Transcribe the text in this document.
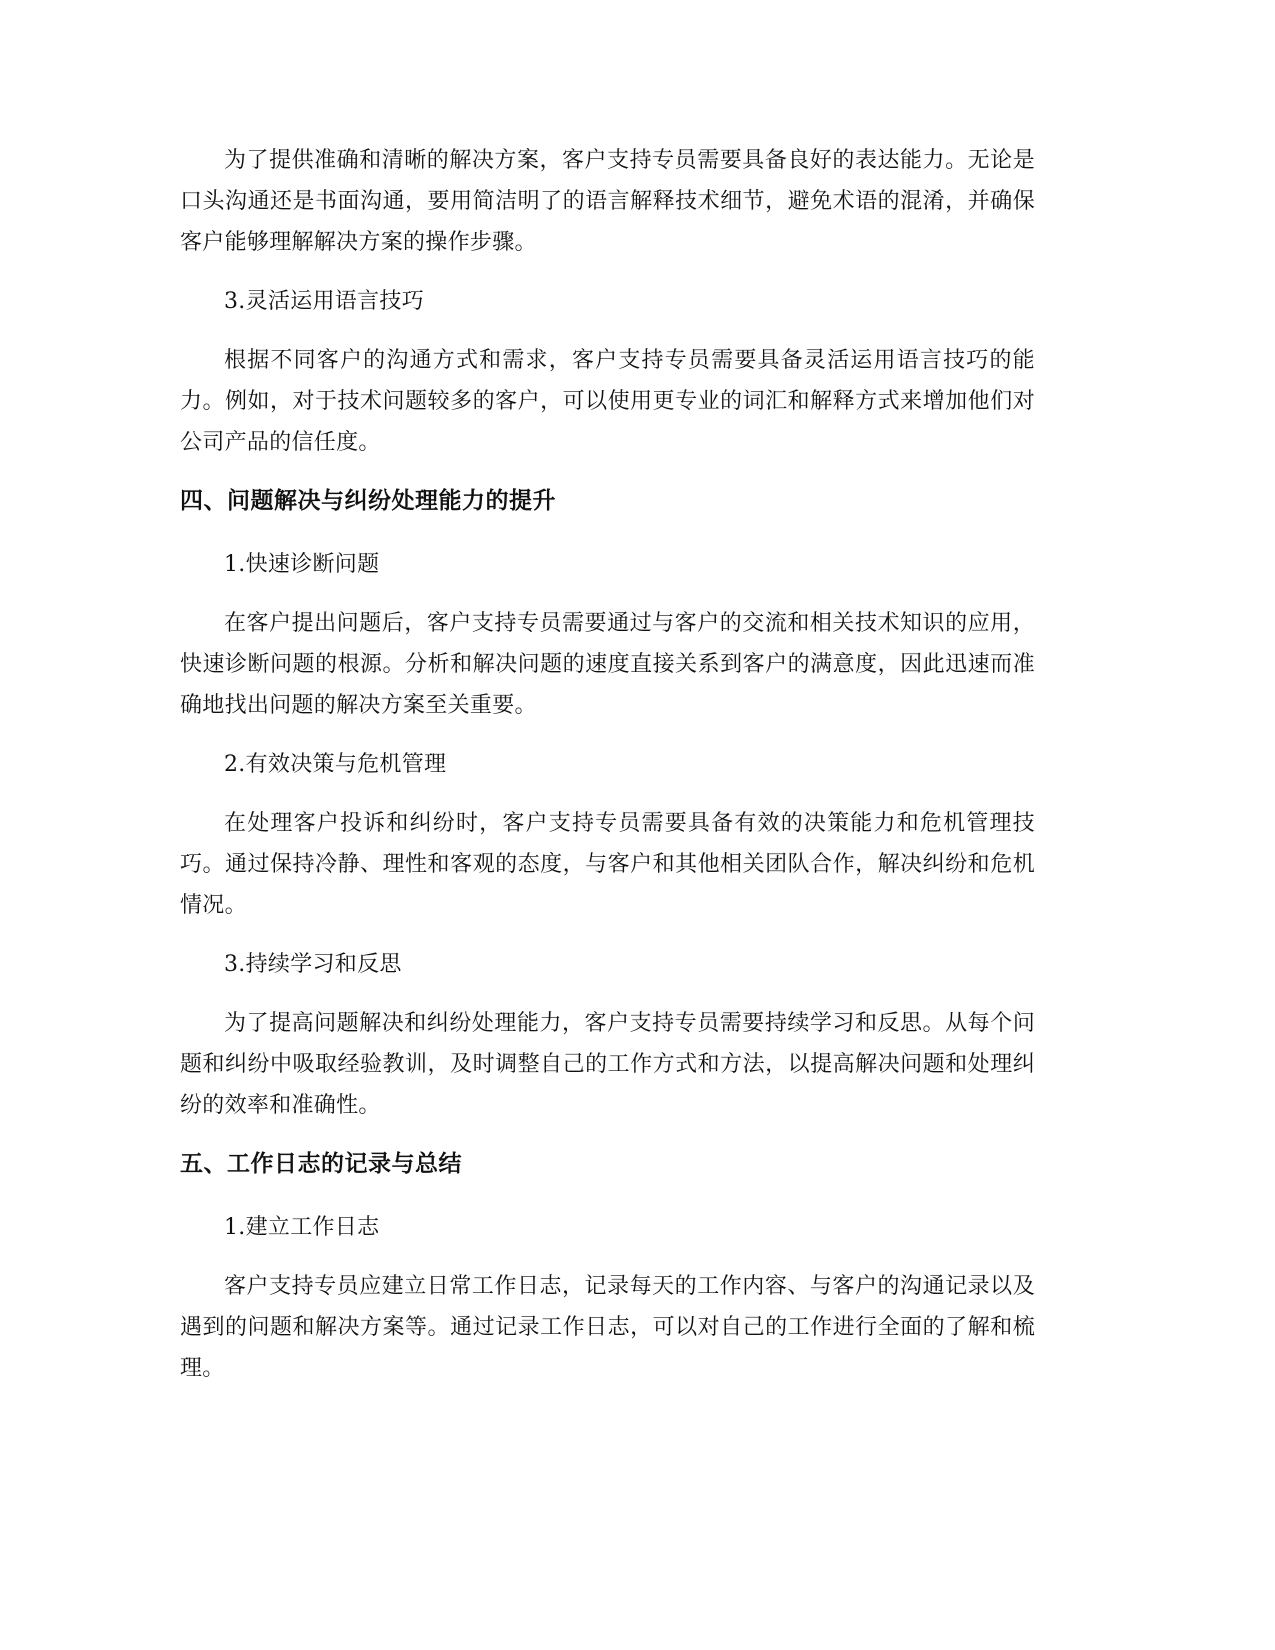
为了提供准确和清晰的解决方案，客户支持专员需要具备良好的表达能力。无论是口头沟通还是书面沟通，要用简洁明了的语言解释技术细节，避免术语的混淆，并确保客户能够理解解决方案的操作步骤。

3.灵活运用语言技巧

根据不同客户的沟通方式和需求，客户支持专员需要具备灵活运用语言技巧的能力。例如，对于技术问题较多的客户，可以使用更专业的词汇和解释方式来增加他们对公司产品的信任度。

四、问题解决与纠纷处理能力的提升

1.快速诊断问题

在客户提出问题后，客户支持专员需要通过与客户的交流和相关技术知识的应用，快速诊断问题的根源。分析和解决问题的速度直接关系到客户的满意度，因此迅速而准确地找出问题的解决方案至关重要。

2.有效决策与危机管理

在处理客户投诉和纠纷时，客户支持专员需要具备有效的决策能力和危机管理技巧。通过保持冷静、理性和客观的态度，与客户和其他相关团队合作，解决纠纷和危机情况。

3.持续学习和反思

为了提高问题解决和纠纷处理能力，客户支持专员需要持续学习和反思。从每个问题和纠纷中吸取经验教训，及时调整自己的工作方式和方法，以提高解决问题和处理纠纷的效率和准确性。

五、工作日志的记录与总结

1.建立工作日志

客户支持专员应建立日常工作日志，记录每天的工作内容、与客户的沟通记录以及遇到的问题和解决方案等。通过记录工作日志，可以对自己的工作进行全面的了解和梳理。
